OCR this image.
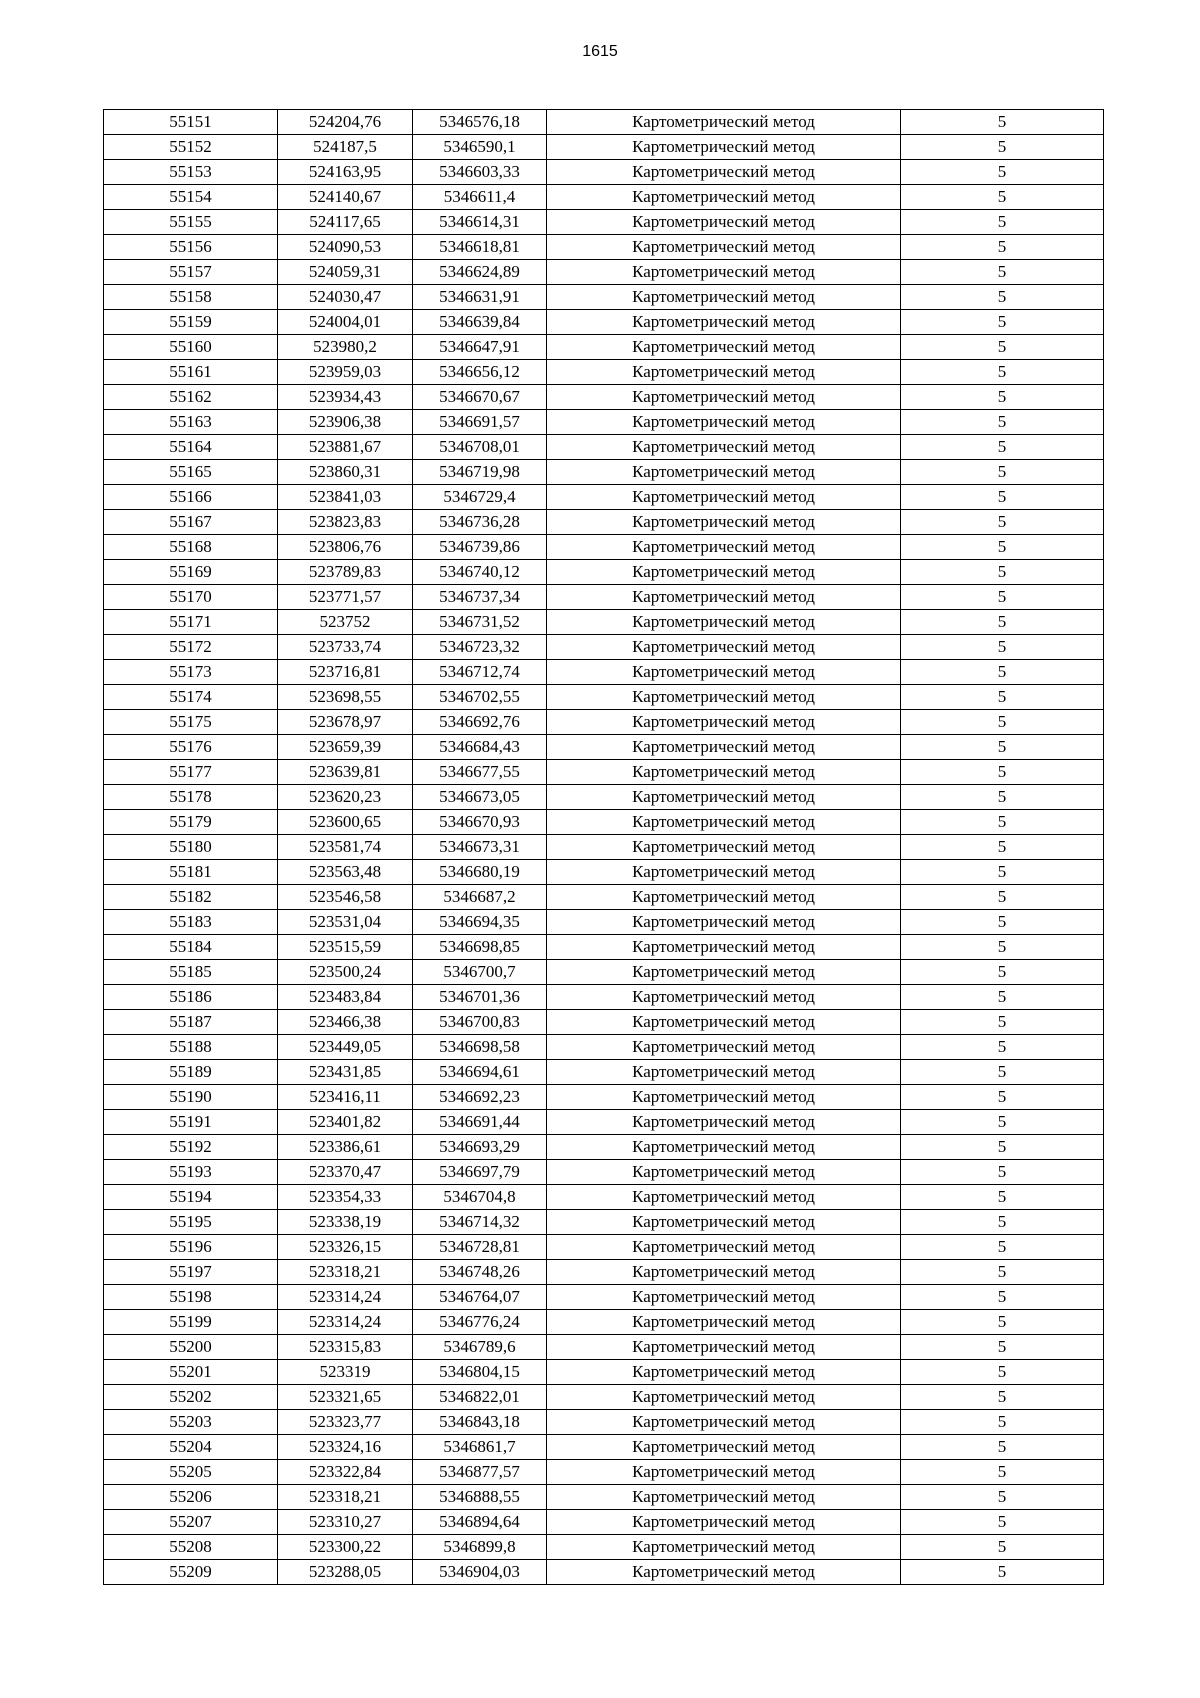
1615
55151	524204,76	5346576,18	Картометрический метод	5
55152	524187,5	5346590,1	Картометрический метод	5
55153	524163,95	5346603,33	Картометрический метод	5
55154	524140,67	5346611,4	Картометрический метод	5
55155	524117,65	5346614,31	Картометрический метод	5
55156	524090,53	5346618,81	Картометрический метод	5
55157	524059,31	5346624,89	Картометрический метод	5
55158	524030,47	5346631,91	Картометрический метод	5
55159	524004,01	5346639,84	Картометрический метод	5
55160	523980,2	5346647,91	Картометрический метод	5
55161	523959,03	5346656,12	Картометрический метод	5
55162	523934,43	5346670,67	Картометрический метод	5
55163	523906,38	5346691,57	Картометрический метод	5
55164	523881,67	5346708,01	Картометрический метод	5
55165	523860,31	5346719,98	Картометрический метод	5
55166	523841,03	5346729,4	Картометрический метод	5
55167	523823,83	5346736,28	Картометрический метод	5
55168	523806,76	5346739,86	Картометрический метод	5
55169	523789,83	5346740,12	Картометрический метод	5
55170	523771,57	5346737,34	Картометрический метод	5
55171	523752	5346731,52	Картометрический метод	5
55172	523733,74	5346723,32	Картометрический метод	5
55173	523716,81	5346712,74	Картометрический метод	5
55174	523698,55	5346702,55	Картометрический метод	5
55175	523678,97	5346692,76	Картометрический метод	5
55176	523659,39	5346684,43	Картометрический метод	5
55177	523639,81	5346677,55	Картометрический метод	5
55178	523620,23	5346673,05	Картометрический метод	5
55179	523600,65	5346670,93	Картометрический метод	5
55180	523581,74	5346673,31	Картометрический метод	5
55181	523563,48	5346680,19	Картометрический метод	5
55182	523546,58	5346687,2	Картометрический метод	5
55183	523531,04	5346694,35	Картометрический метод	5
55184	523515,59	5346698,85	Картометрический метод	5
55185	523500,24	5346700,7	Картометрический метод	5
55186	523483,84	5346701,36	Картометрический метод	5
55187	523466,38	5346700,83	Картометрический метод	5
55188	523449,05	5346698,58	Картометрический метод	5
55189	523431,85	5346694,61	Картометрический метод	5
55190	523416,11	5346692,23	Картометрический метод	5
55191	523401,82	5346691,44	Картометрический метод	5
55192	523386,61	5346693,29	Картометрический метод	5
55193	523370,47	5346697,79	Картометрический метод	5
55194	523354,33	5346704,8	Картометрический метод	5
55195	523338,19	5346714,32	Картометрический метод	5
55196	523326,15	5346728,81	Картометрический метод	5
55197	523318,21	5346748,26	Картометрический метод	5
55198	523314,24	5346764,07	Картометрический метод	5
55199	523314,24	5346776,24	Картометрический метод	5
55200	523315,83	5346789,6	Картометрический метод	5
55201	523319	5346804,15	Картометрический метод	5
55202	523321,65	5346822,01	Картометрический метод	5
55203	523323,77	5346843,18	Картометрический метод	5
55204	523324,16	5346861,7	Картометрический метод	5
55205	523322,84	5346877,57	Картометрический метод	5
55206	523318,21	5346888,55	Картометрический метод	5
55207	523310,27	5346894,64	Картометрический метод	5
55208	523300,22	5346899,8	Картометрический метод	5
55209	523288,05	5346904,03	Картометрический метод	5
